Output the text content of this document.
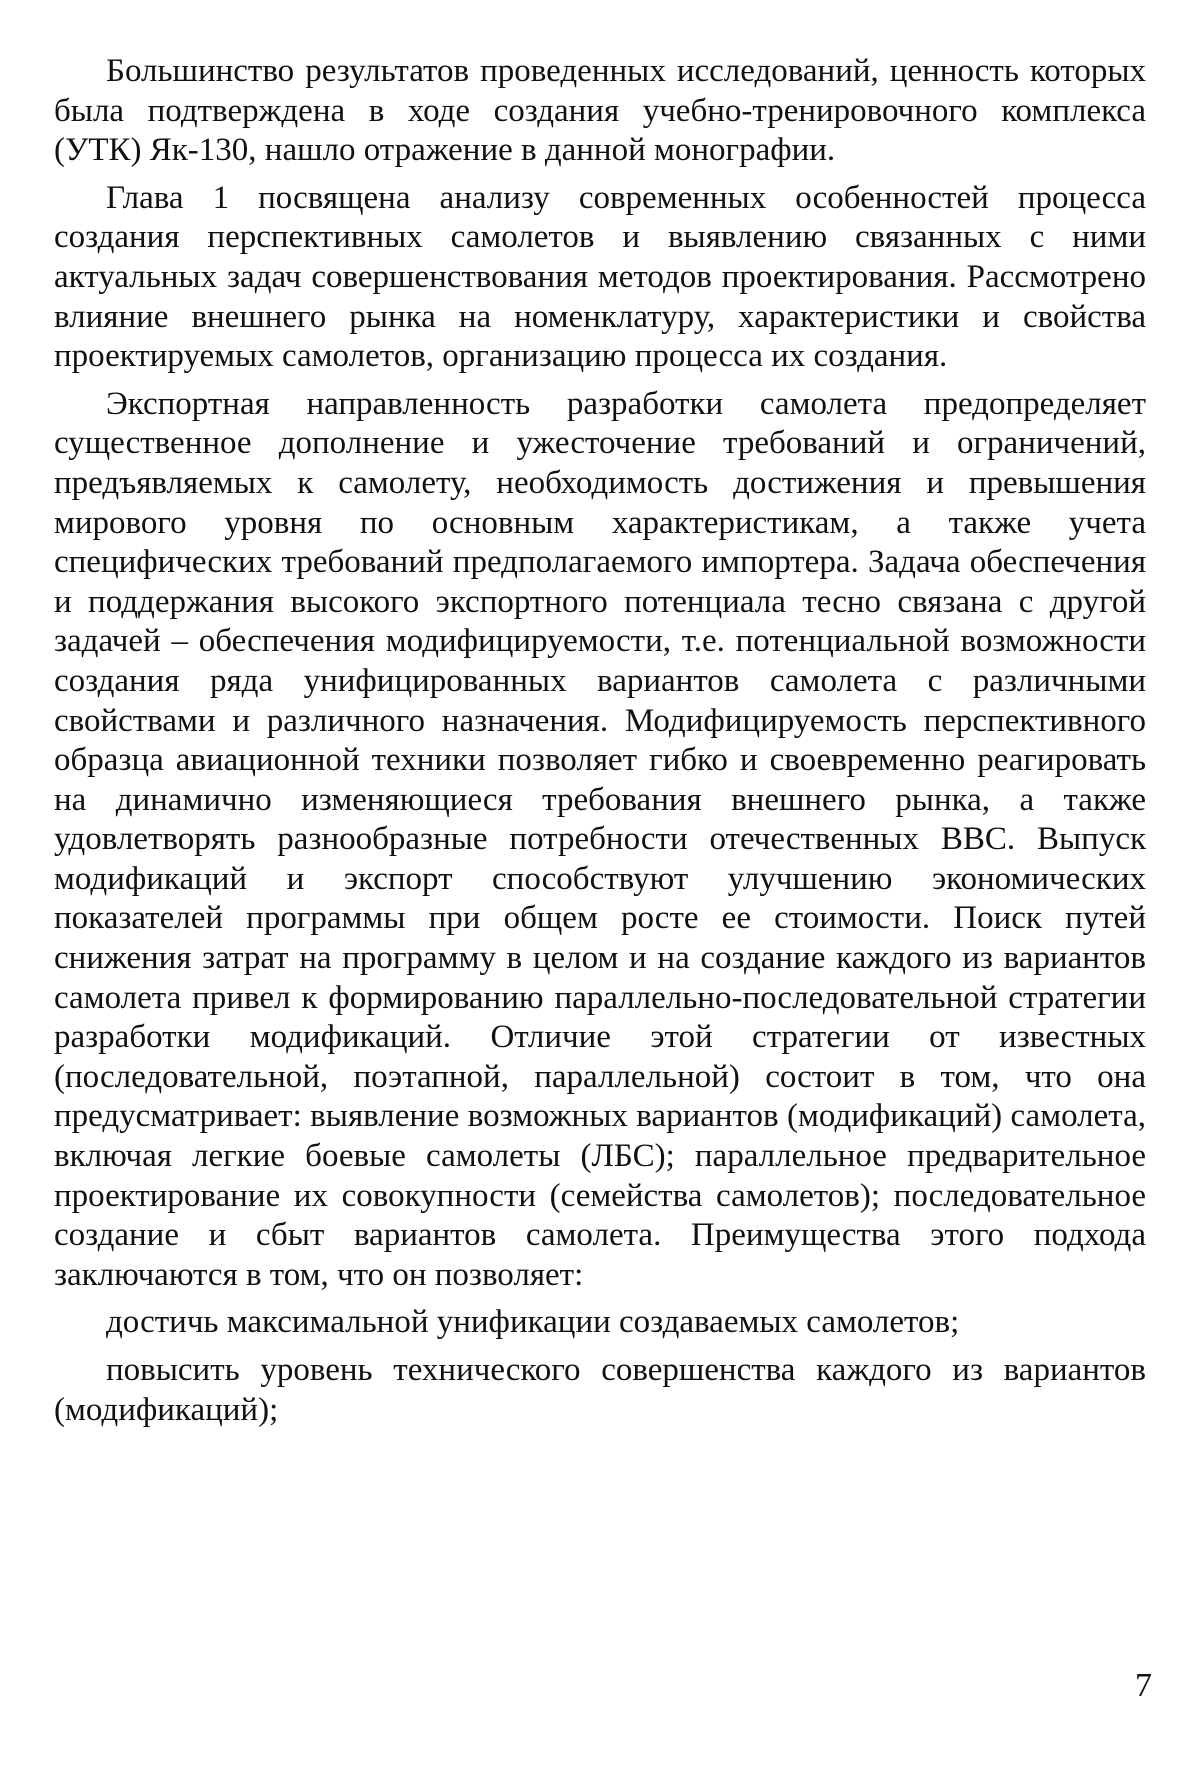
Большинство результатов проведенных исследований, ценность которых была подтверждена в ходе создания учебно-тренировочного комплекса (УТК) Як-130, нашло отражение в данной монографии.

Глава 1 посвящена анализу современных особенностей процесса создания перспективных самолетов и выявлению связанных с ними актуальных задач совершенствования методов проектирования. Рассмотрено влияние внешнего рынка на номенклатуру, характеристики и свойства проектируемых самолетов, организацию процесса их создания.

Экспортная направленность разработки самолета предопределяет существенное дополнение и ужесточение требований и ограничений, предъявляемых к самолету, необходимость достижения и превышения мирового уровня по основным характеристикам, а также учета специфических требований предполагаемого импортера. Задача обеспечения и поддержания высокого экспортного потенциала тесно связана с другой задачей – обеспечения модифицируемости, т.е. потенциальной возможности создания ряда унифицированных вариантов самолета с различными свойствами и различного назначения. Модифицируемость перспективного образца авиационной техники позволяет гибко и своевременно реагировать на динамично изменяющиеся требования внешнего рынка, а также удовлетворять разнообразные потребности отечественных ВВС. Выпуск модификаций и экспорт способствуют улучшению экономических показателей программы при общем росте ее стоимости. Поиск путей снижения затрат на программу в целом и на создание каждого из вариантов самолета привел к формированию параллельно-последовательной стратегии разработки модификаций. Отличие этой стратегии от известных (последовательной, поэтапной, параллельной) состоит в том, что она предусматривает: выявление возможных вариантов (модификаций) самолета, включая легкие боевые самолеты (ЛБС); параллельное предварительное проектирование их совокупности (семейства самолетов); последовательное создание и сбыт вариантов самолета. Преимущества этого подхода заключаются в том, что он позволяет:

достичь максимальной унификации создаваемых самолетов;

повысить уровень технического совершенства каждого из вариантов (модификаций);

7
